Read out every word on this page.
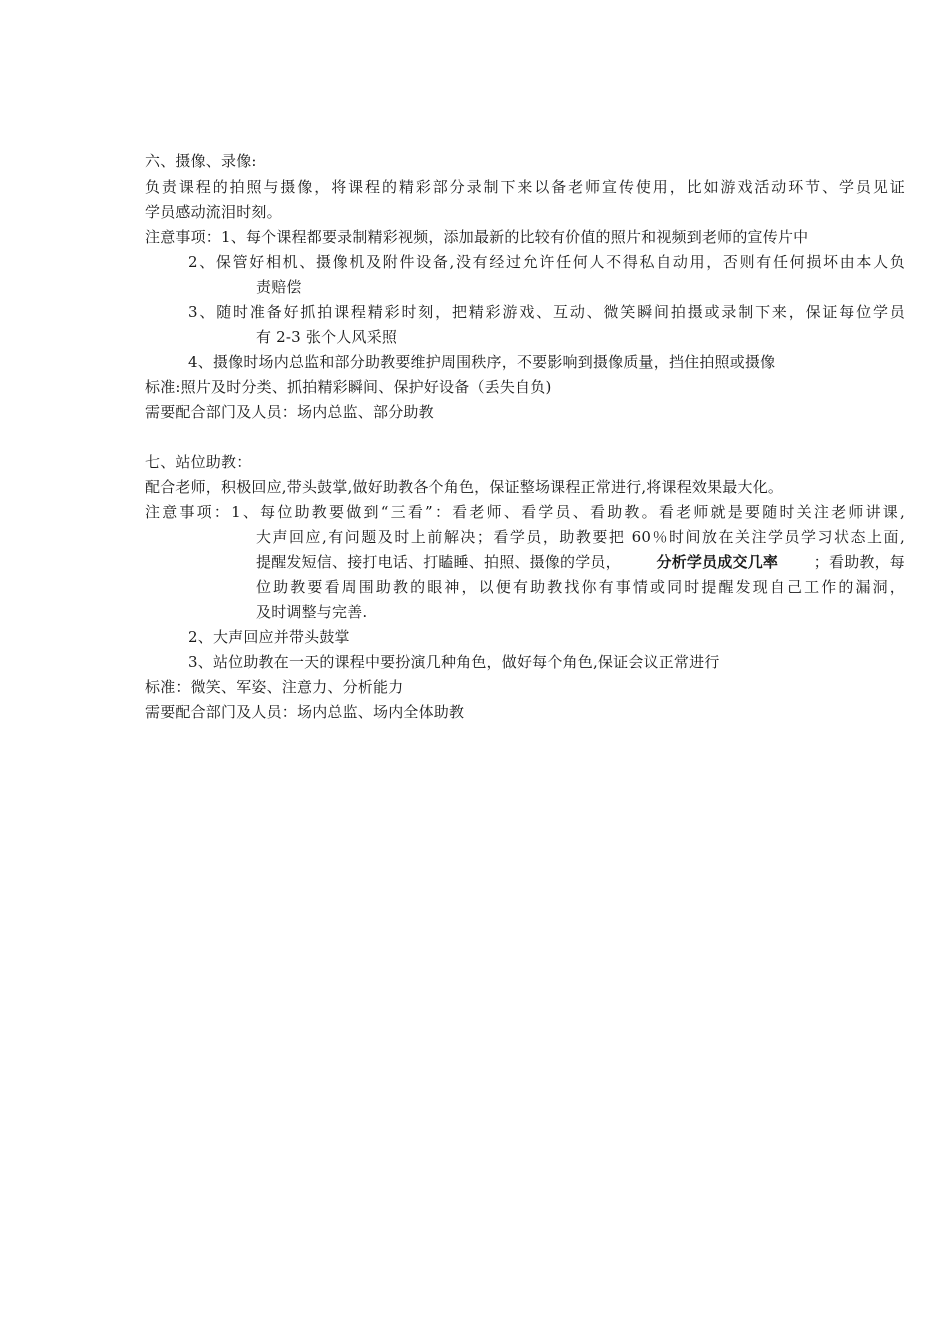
六、摄像、录像:
负责课程的拍照与摄像，将课程的精彩部分录制下来以备老师宣传使用，比如游戏活动环节、学员见证
学员感动流泪时刻。
注意事项：1、每个课程都要录制精彩视频，添加最新的比较有价值的照片和视频到老师的宣传片中
2、保管好相机、摄像机及附件设备,没有经过允许任何人不得私自动用，否则有任何损坏由本人负
责赔偿
3、随时准备好抓拍课程精彩时刻，把精彩游戏、互动、微笑瞬间拍摄或录制下来，保证每位学员
有 2-3 张个人风采照
4、摄像时场内总监和部分助教要维护周围秩序，不要影响到摄像质量，挡住拍照或摄像
标准:照片及时分类、抓拍精彩瞬间、保护好设备（丢失自负)
需要配合部门及人员：场内总监、部分助教
七、站位助教：
配合老师，积极回应,带头鼓掌,做好助教各个角色，保证整场课程正常进行,将课程效果最大化。
注意事项：1、每位助教要做到“三看”：看老师、看学员、看助教。看老师就是要随时关注老师讲课,
大声回应,有问题及时上前解决；看学员，助教要把 60％时间放在关注学员学习状态上面,
提醒发短信、接打电话、打瞌睡、拍照、摄像的学员， 分析学员成交几率 ；看助教，每
位助教要看周围助教的眼神，以便有助教找你有事情或同时提醒发现自己工作的漏洞，
及时调整与完善.
2、大声回应并带头鼓掌
3、站位助教在一天的课程中要扮演几种角色，做好每个角色,保证会议正常进行
标准：微笑、军姿、注意力、分析能力
需要配合部门及人员：场内总监、场内全体助教
